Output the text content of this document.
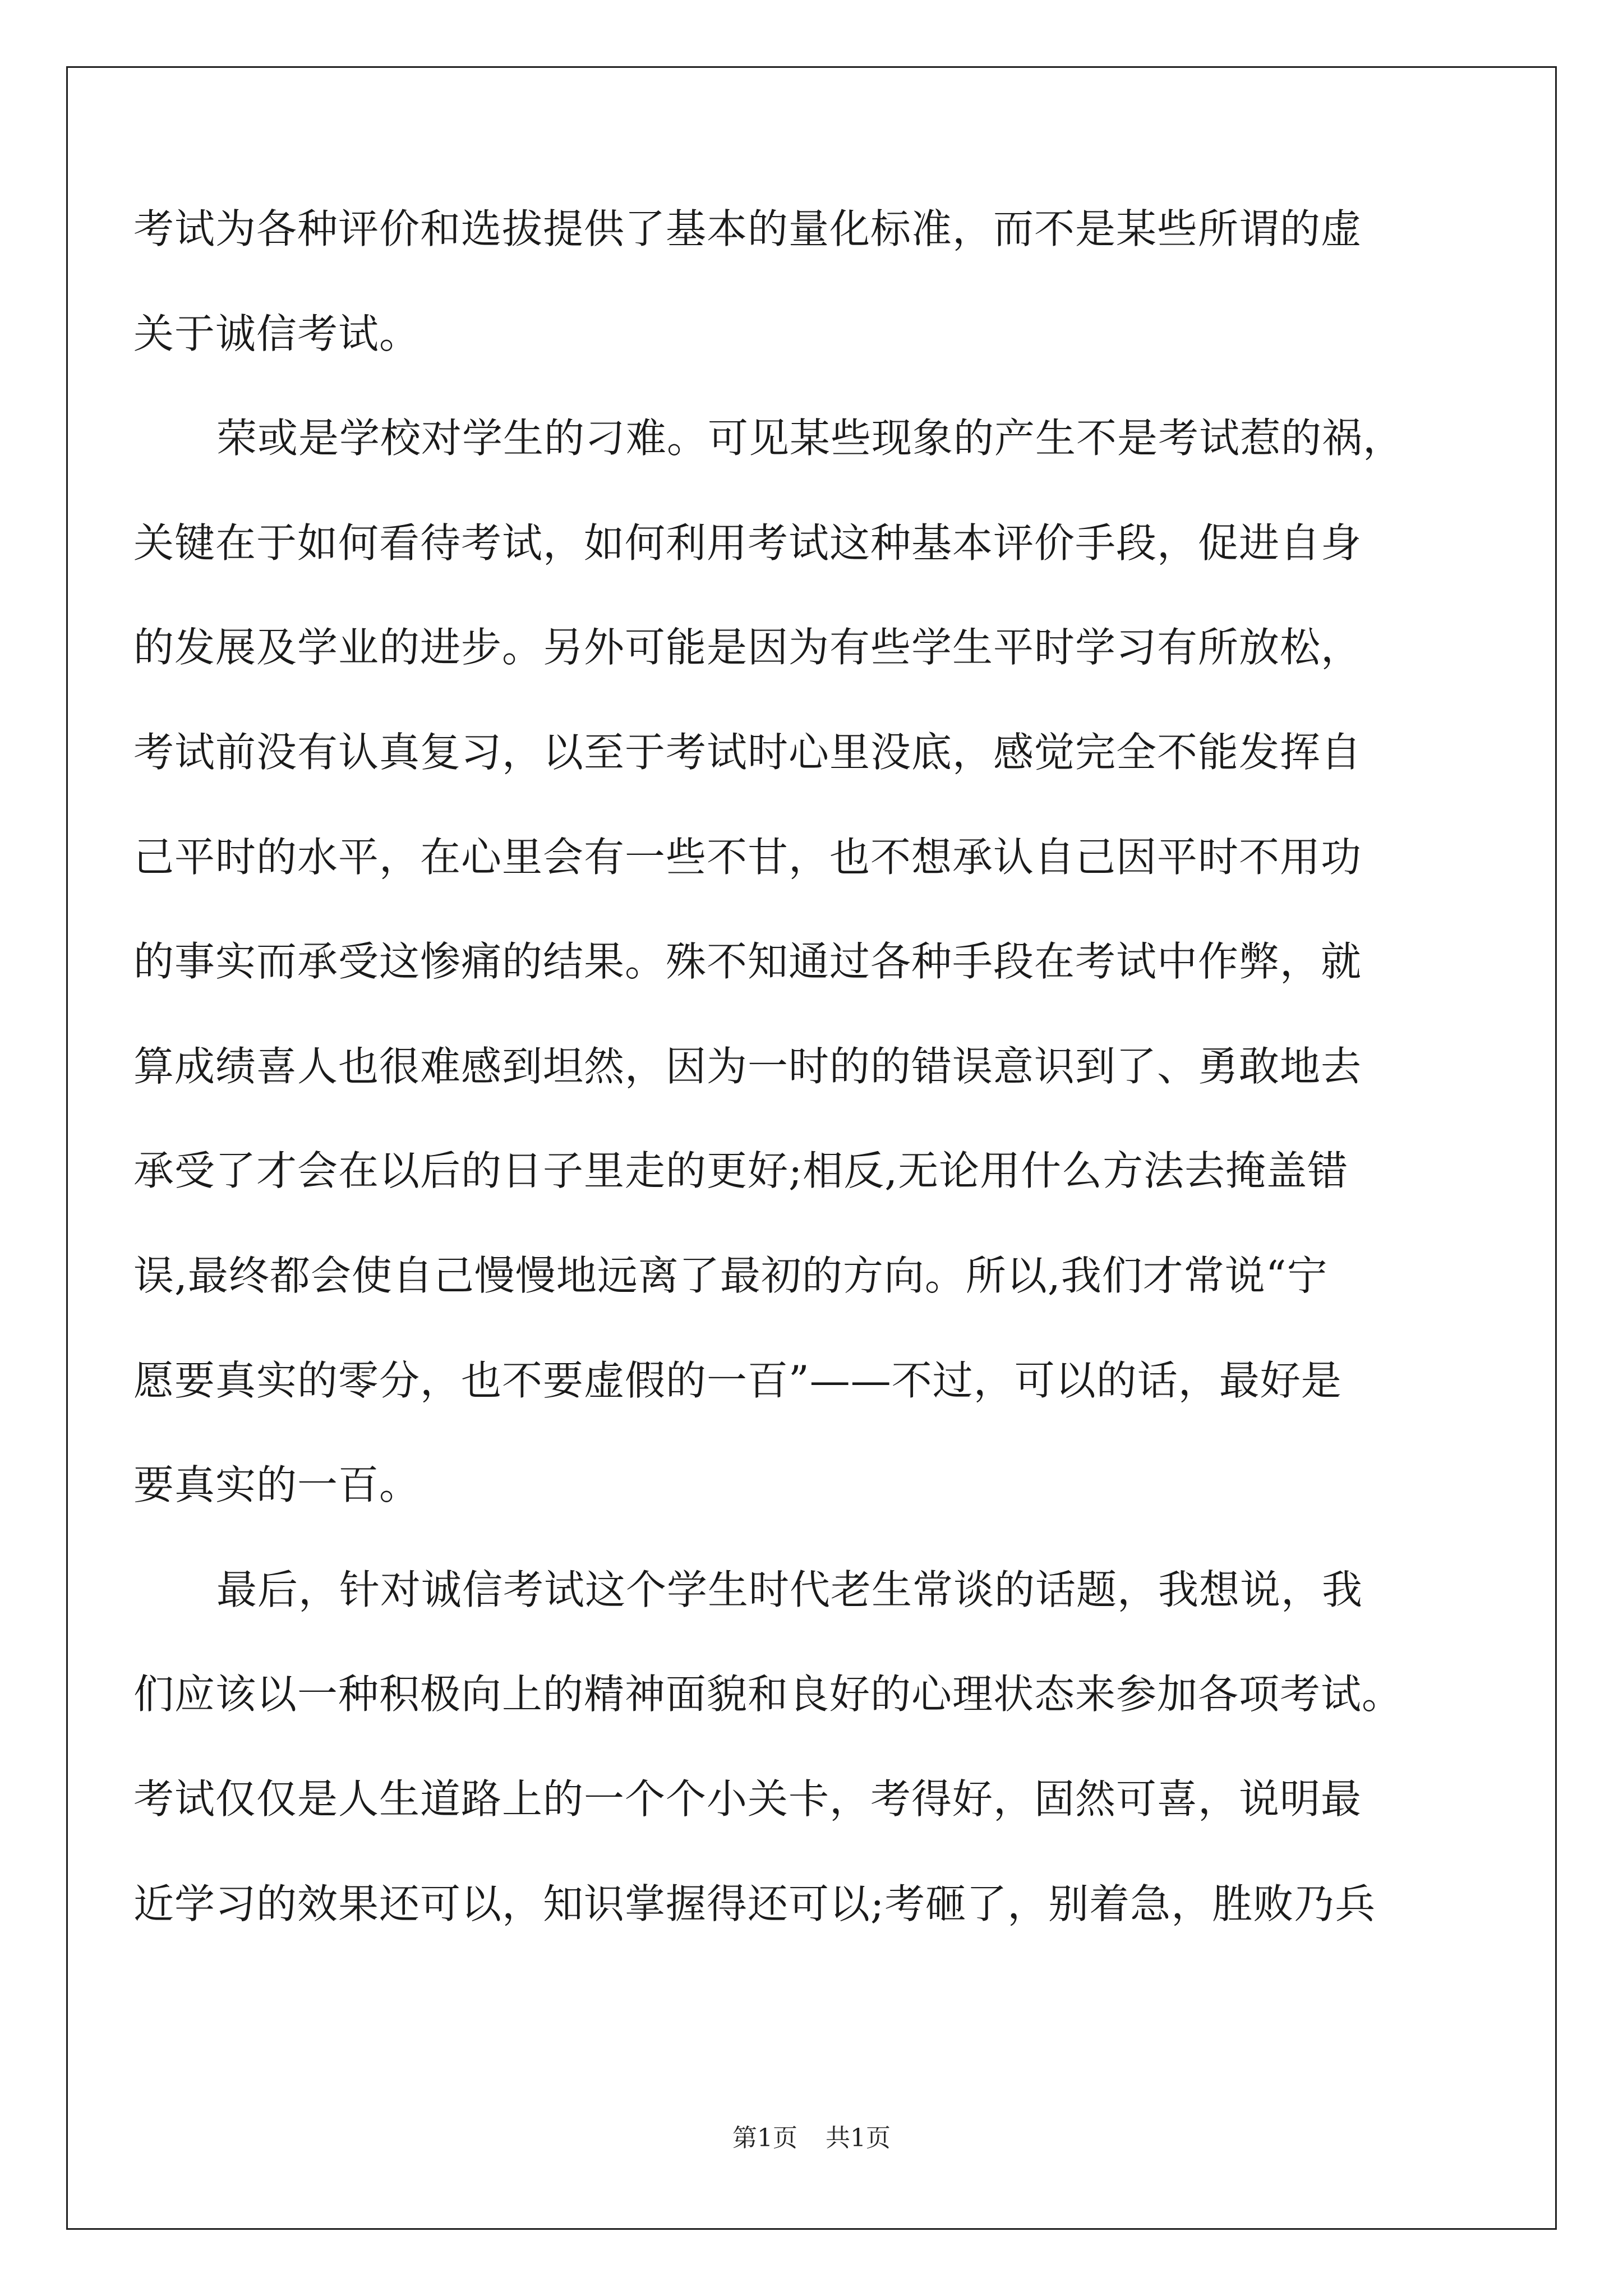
考试为各种评价和选拔提供了基本的量化标准，而不是某些所谓的虚
关于诚信考试。
荣或是学校对学生的刁难。可见某些现象的产生不是考试惹的祸，
关键在于如何看待考试，如何利用考试这种基本评价手段，促进自身
的发展及学业的进步。另外可能是因为有些学生平时学习有所放松，
考试前没有认真复习，以至于考试时心里没底，感觉完全不能发挥自
己平时的水平，在心里会有一些不甘，也不想承认自己因平时不用功
的事实而承受这惨痛的结果。殊不知通过各种手段在考试中作弊，就
算成绩喜人也很难感到坦然，因为一时的的错误意识到了、勇敢地去
承受了才会在以后的日子里走的更好;相反,无论用什么方法去掩盖错
误,最终都会使自己慢慢地远离了最初的方向。所以,我们才常说“宁
愿要真实的零分，也不要虚假的一百”——不过，可以的话，最好是
要真实的一百。
最后，针对诚信考试这个学生时代老生常谈的话题，我想说，我
们应该以一种积极向上的精神面貌和良好的心理状态来参加各项考试。
考试仅仅是人生道路上的一个个小关卡，考得好，固然可喜，说明最
近学习的效果还可以，知识掌握得还可以;考砸了，别着急，胜败乃兵
第1页 共1页
